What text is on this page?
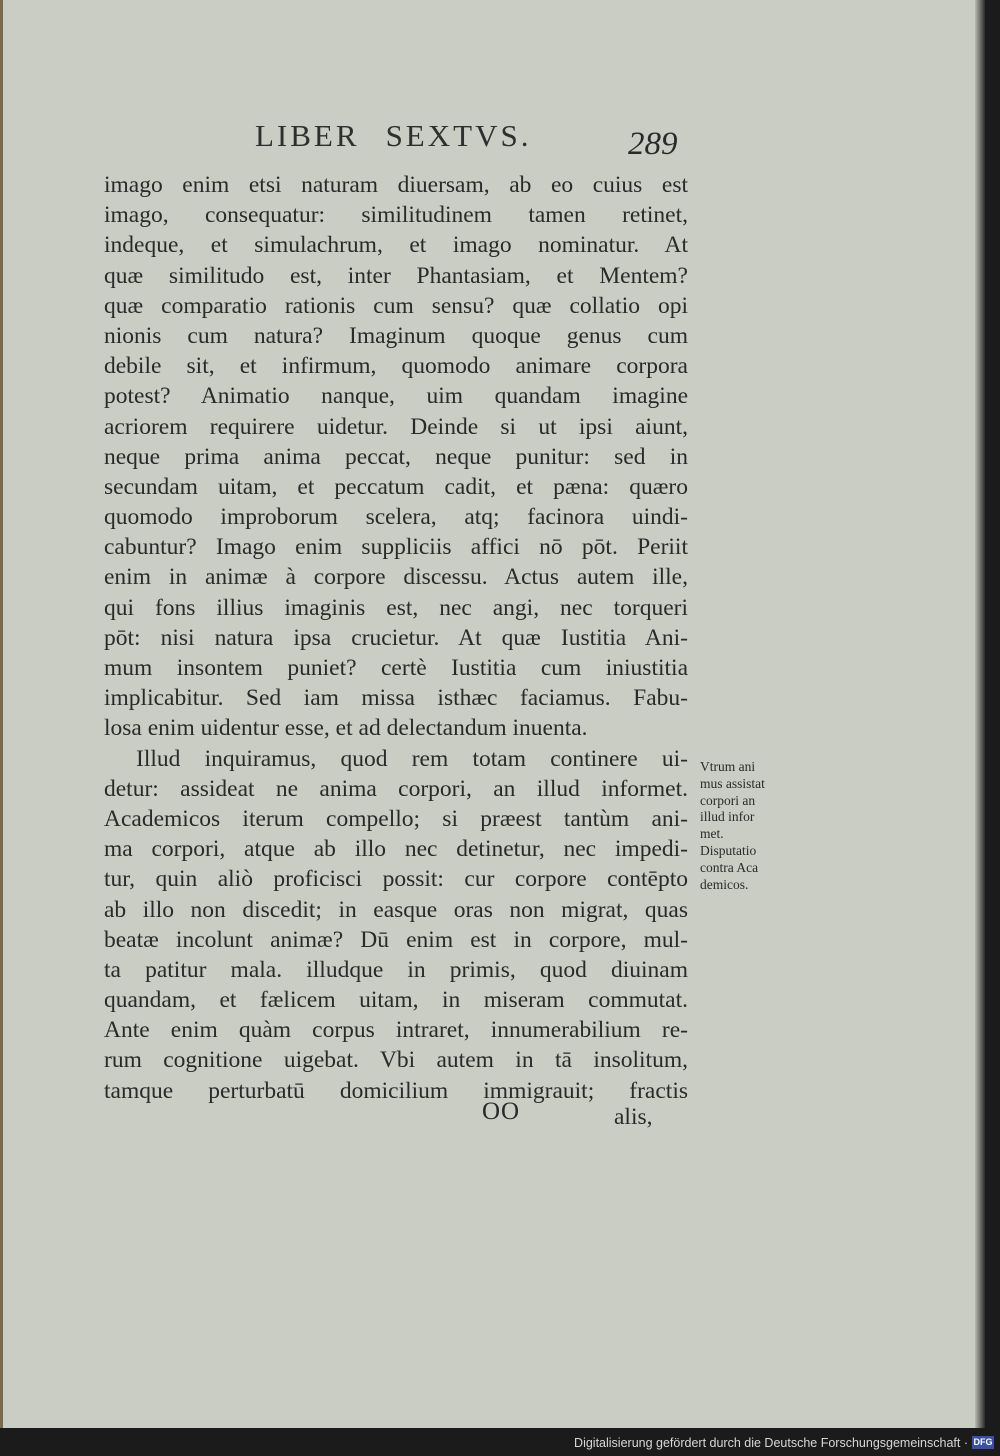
LIBER SEXTVS.	289
imago enim etsi naturam diuersam, ab eo cuius est
imago, consequatur: similitudinem tamen retinet,
indeque, et simulachrum, et imago nominatur. At
quæ similitudo est, inter Phantasiam, et Mentem?
quæ comparatio rationis cum sensu? quæ collatio opi
nionis cum natura? Imaginum quoque genus cum
debile sit, et infirmum, quomodo animare corpora
potest? Animatio nanque, uim quandam imagine
acriorem requirere uidetur. Deinde si ut ipsi aiunt,
neque prima anima peccat, neque punitur: sed in
secundam uitam, et peccatum cadit, et pæna: quæro
quomodo improborum scelera, atq; facinora uindi-
cabuntur? Imago enim suppliciis affici nō pōt. Periit
enim in animæ à corpore discessu. Actus autem ille,
qui fons illius imaginis est, nec angi, nec torqueri
pōt: nisi natura ipsa crucietur. At quæ Iustitia Ani-
mum insontem puniet? certè Iustitia cum iniustitia
implicabitur. Sed iam missa isthæc faciamus. Fabu-
losa enim uidentur esse, et ad delectandum inuenta.
Illud inquiramus, quod rem totam continere ui-
detur: assideat ne anima corpori, an illud informet.
Academicos iterum compello; si præest tantùm ani-
ma corpori, atque ab illo nec detinetur, nec impedi-
tur, quin aliò proficisci possit: cur corpore contēpto
ab illo non discedit; in easque oras non migrat, quas
beatæ incolunt animæ? Dū enim est in corpore, mul-
ta patitur mala. illudque in primis, quod diuinam
quandam, et fælicem uitam, in miseram commutat.
Ante enim quàm corpus intraret, innumerabilium re-
rum cognitione uigebat. Vbi autem in tā insolitum,
tamque perturbatū domicilium immigrauit; fractis
Vtrum ani
mus assistat
corpori an
illud infor
met.
Disputatio
contra Aca
demicos.
OO	alis,
Digitalisierung gefördert durch die Deutsche Forschungsgemeinschaft · DFG
